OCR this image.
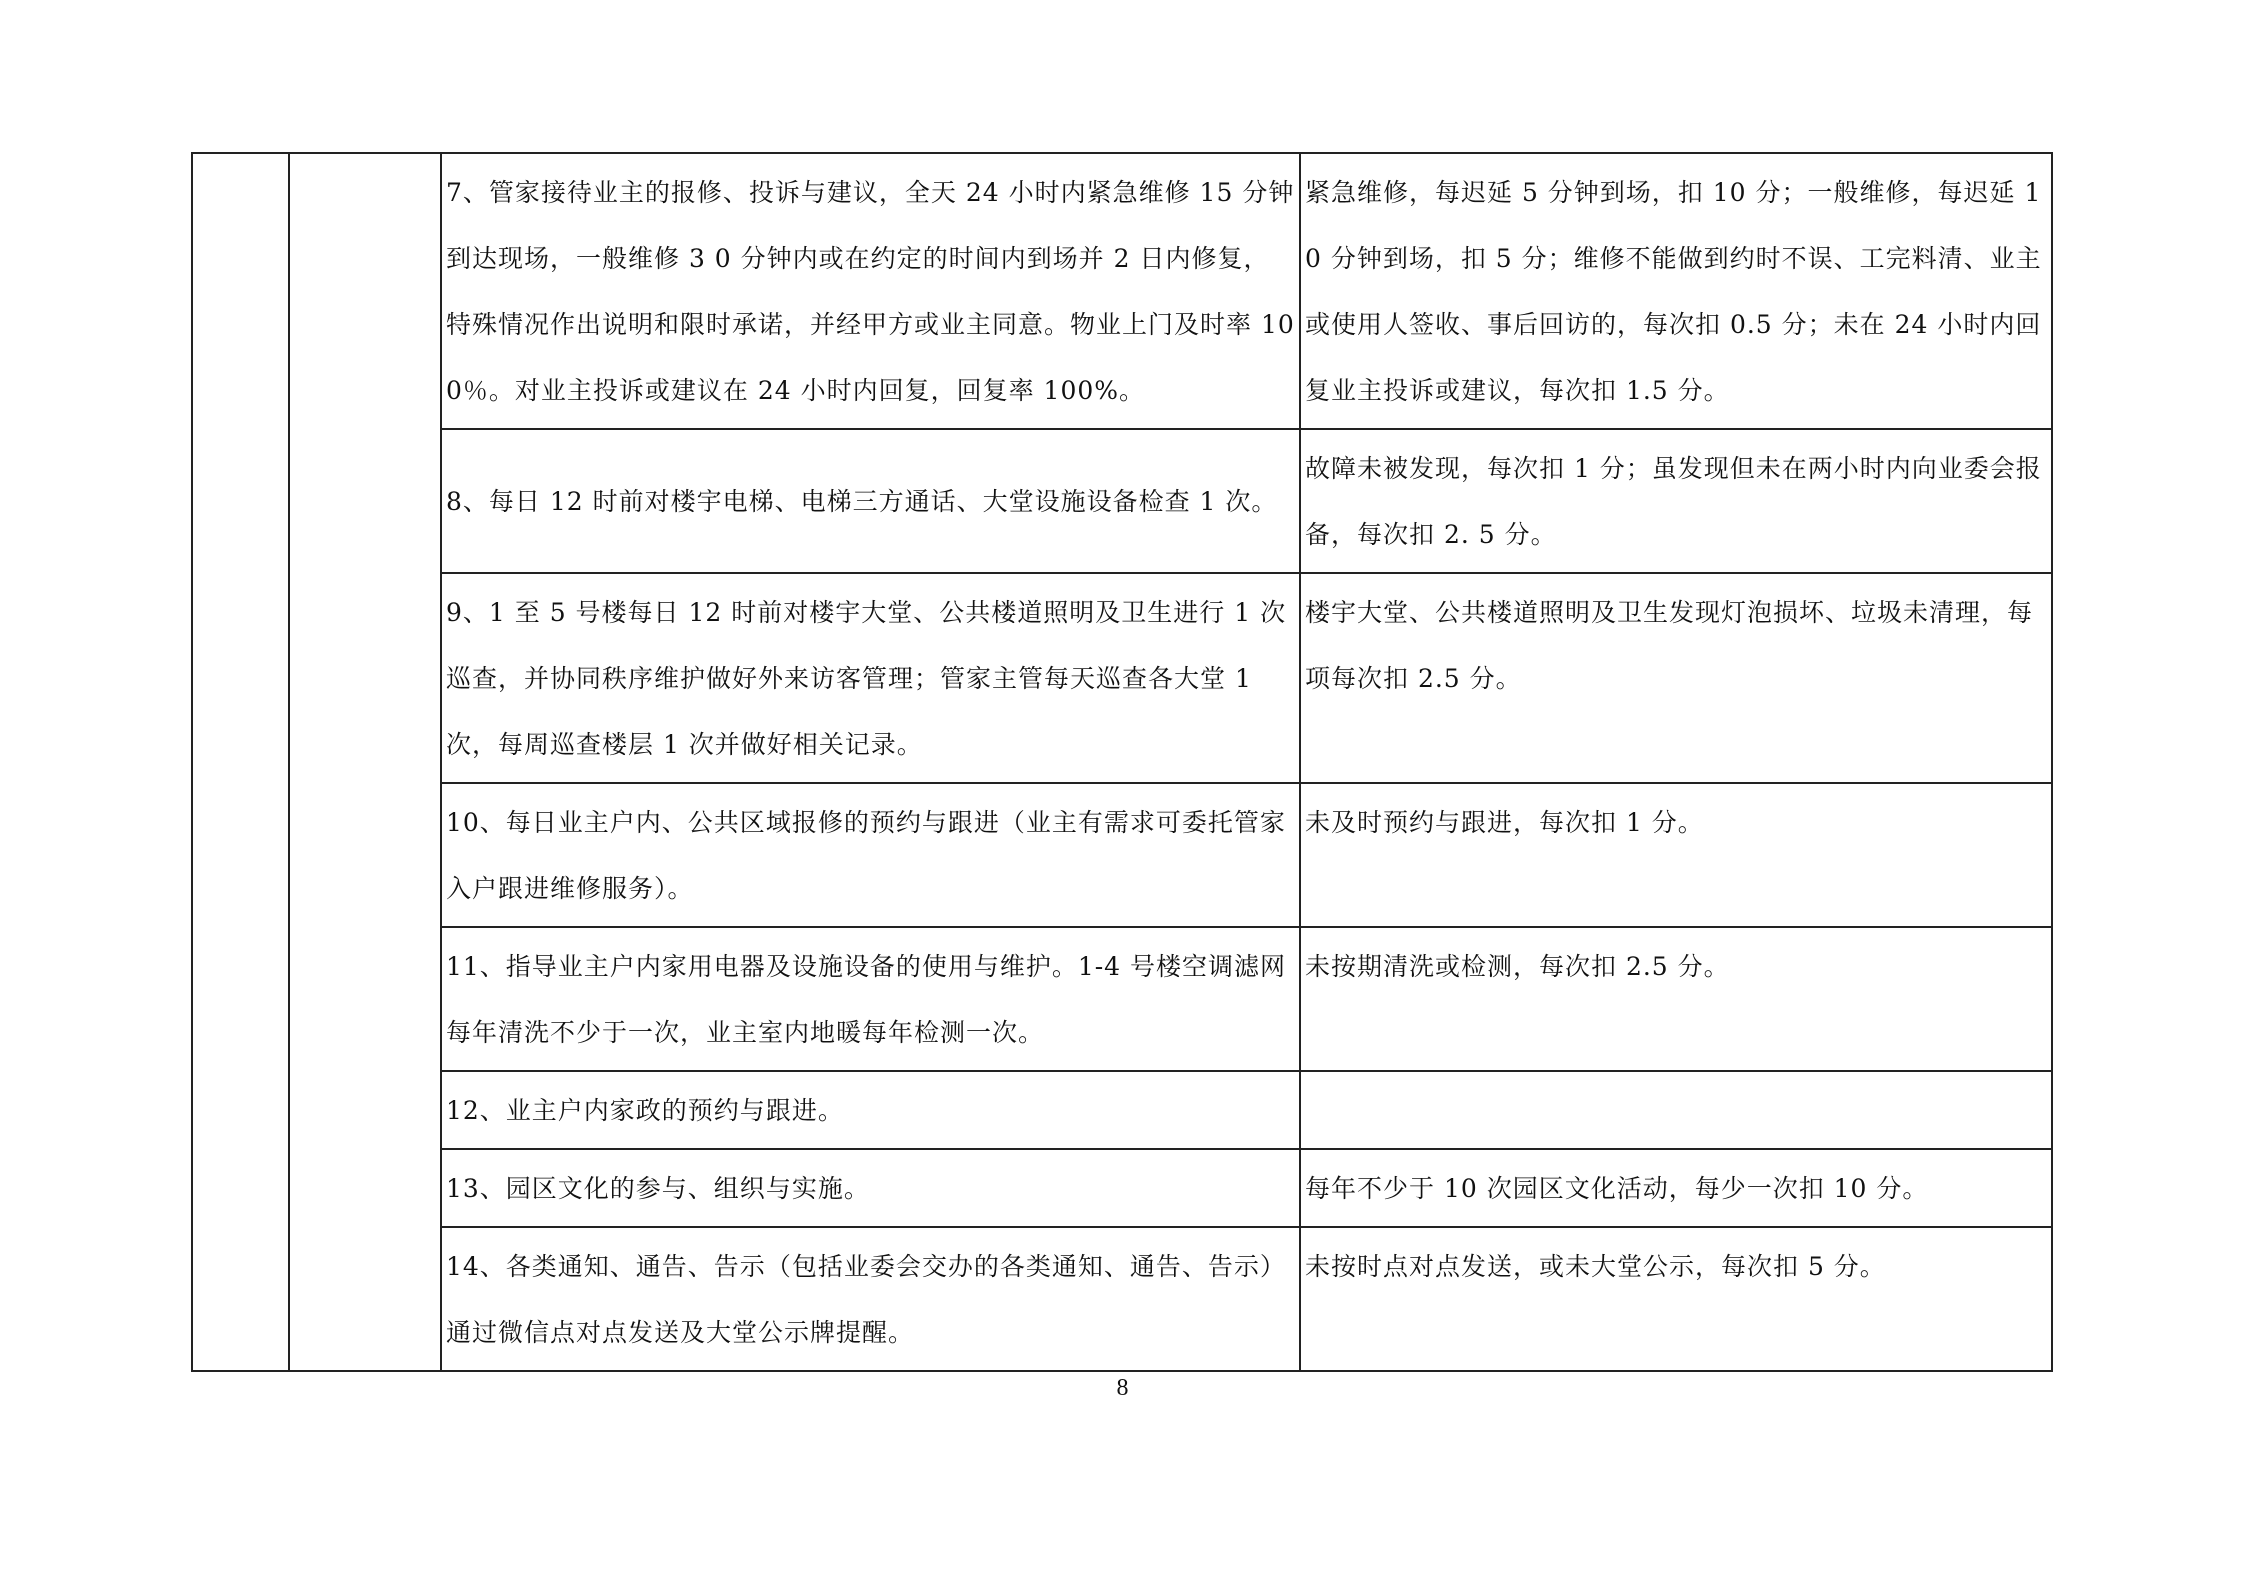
		7、管家接待业主的报修、投诉与建议，全天 24 小时内紧急维修 15 分钟到达现场，一般维修 3 0 分钟内或在约定的时间内到场并 2 日内修复，特殊情况作出说明和限时承诺，并经甲方或业主同意。物业上门及时率 100％。对业主投诉或建议在 24 小时内回复，回复率 100%。	紧急维修，每迟延 5 分钟到场，扣 10 分；一般维修，每迟延 10 分钟到场，扣 5 分；维修不能做到约时不误、工完料清、业主或使用人签收、事后回访的，每次扣 0.5 分；未在 24 小时内回复业主投诉或建议，每次扣 1.5 分。
		8、每日 12 时前对楼宇电梯、电梯三方通话、大堂设施设备检查 1 次。	故障未被发现，每次扣 1 分；虽发现但未在两小时内向业委会报备，每次扣 2. 5 分。
		9、1 至 5 号楼每日 12 时前对楼宇大堂、公共楼道照明及卫生进行 1 次巡查，并协同秩序维护做好外来访客管理；管家主管每天巡查各大堂 1 次，每周巡查楼层 1 次并做好相关记录。	楼宇大堂、公共楼道照明及卫生发现灯泡损坏、垃圾未清理，每项每次扣 2.5 分。
		10、每日业主户内、公共区域报修的预约与跟进（业主有需求可委托管家入户跟进维修服务）。	未及时预约与跟进，每次扣 1 分。
		11、指导业主户内家用电器及设施设备的使用与维护。1-4 号楼空调滤网每年清洗不少于一次，业主室内地暖每年检测一次。	未按期清洗或检测，每次扣 2.5 分。
		12、业主户内家政的预约与跟进。	
		13、园区文化的参与、组织与实施。	每年不少于 10 次园区文化活动，每少一次扣 10 分。
		14、各类通知、通告、告示（包括业委会交办的各类通知、通告、告示）通过微信点对点发送及大堂公示牌提醒。	未按时点对点发送，或未大堂公示，每次扣 5 分。
8
